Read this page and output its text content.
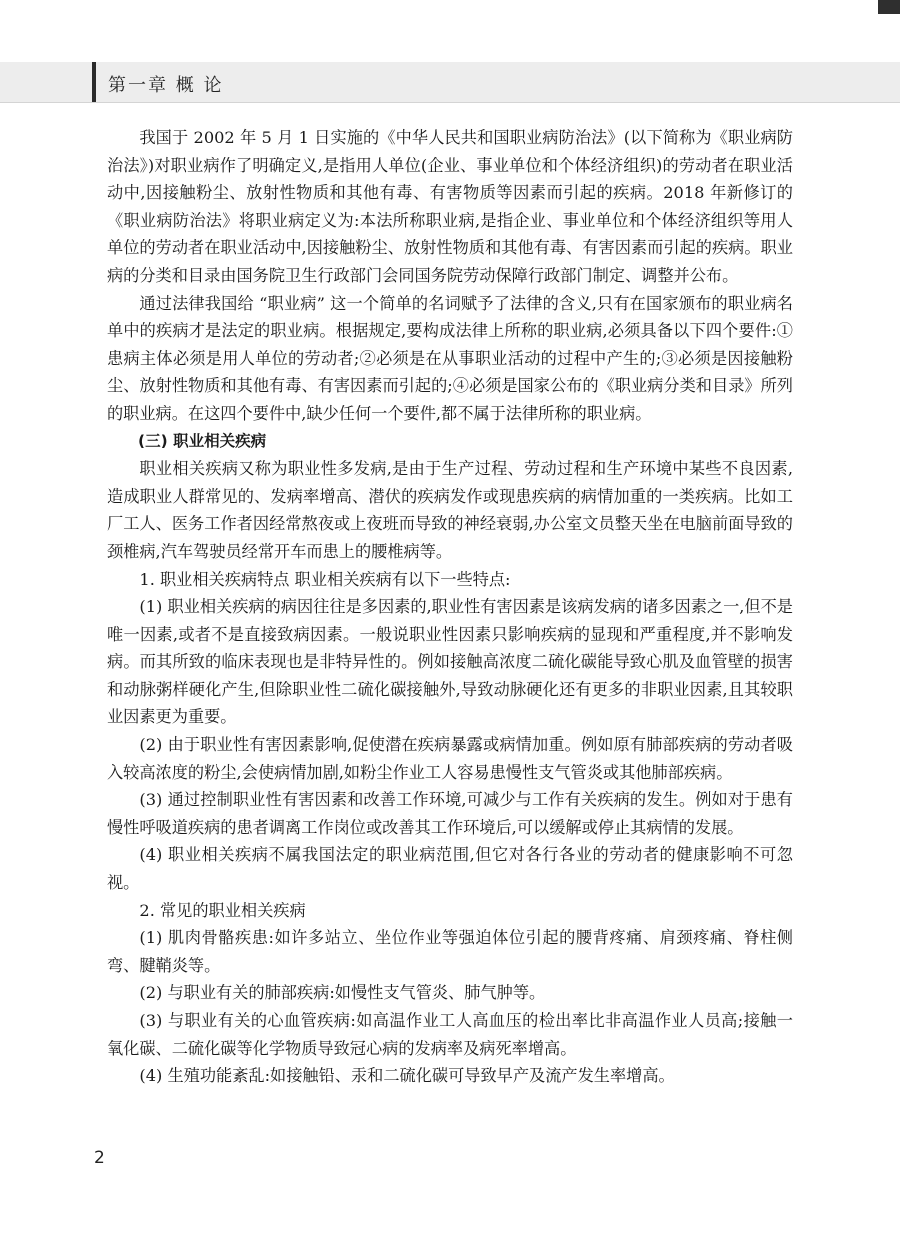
第一章 概 论

我国于 2002 年 5 月 1 日实施的《中华人民共和国职业病防治法》(以下简称为《职业病防治法》)对职业病作了明确定义,是指用人单位(企业、事业单位和个体经济组织)的劳动者在职业活动中,因接触粉尘、放射性物质和其他有毒、有害物质等因素而引起的疾病。2018 年新修订的《职业病防治法》将职业病定义为:本法所称职业病,是指企业、事业单位和个体经济组织等用人单位的劳动者在职业活动中,因接触粉尘、放射性物质和其他有毒、有害因素而引起的疾病。职业病的分类和目录由国务院卫生行政部门会同国务院劳动保障行政部门制定、调整并公布。

通过法律我国给 “职业病” 这一个简单的名词赋予了法律的含义,只有在国家颁布的职业病名单中的疾病才是法定的职业病。根据规定,要构成法律上所称的职业病,必须具备以下四个要件:①患病主体必须是用人单位的劳动者;②必须是在从事职业活动的过程中产生的;③必须是因接触粉尘、放射性物质和其他有毒、有害因素而引起的;④必须是国家公布的《职业病分类和目录》所列的职业病。在这四个要件中,缺少任何一个要件,都不属于法律所称的职业病。

(三) 职业相关疾病

职业相关疾病又称为职业性多发病,是由于生产过程、劳动过程和生产环境中某些不良因素,造成职业人群常见的、发病率增高、潜伏的疾病发作或现患疾病的病情加重的一类疾病。比如工厂工人、医务工作者因经常熬夜或上夜班而导致的神经衰弱,办公室文员整天坐在电脑前面导致的颈椎病,汽车驾驶员经常开车而患上的腰椎病等。

1. 职业相关疾病特点 职业相关疾病有以下一些特点:

(1) 职业相关疾病的病因往往是多因素的,职业性有害因素是该病发病的诸多因素之一,但不是唯一因素,或者不是直接致病因素。一般说职业性因素只影响疾病的显现和严重程度,并不影响发病。而其所致的临床表现也是非特异性的。例如接触高浓度二硫化碳能导致心肌及血管壁的损害和动脉粥样硬化产生,但除职业性二硫化碳接触外,导致动脉硬化还有更多的非职业因素,且其较职业因素更为重要。

(2) 由于职业性有害因素影响,促使潜在疾病暴露或病情加重。例如原有肺部疾病的劳动者吸入较高浓度的粉尘,会使病情加剧,如粉尘作业工人容易患慢性支气管炎或其他肺部疾病。

(3) 通过控制职业性有害因素和改善工作环境,可减少与工作有关疾病的发生。例如对于患有慢性呼吸道疾病的患者调离工作岗位或改善其工作环境后,可以缓解或停止其病情的发展。

(4) 职业相关疾病不属我国法定的职业病范围,但它对各行各业的劳动者的健康影响不可忽视。

2. 常见的职业相关疾病

(1) 肌肉骨骼疾患:如许多站立、坐位作业等强迫体位引起的腰背疼痛、肩颈疼痛、脊柱侧弯、腱鞘炎等。

(2) 与职业有关的肺部疾病:如慢性支气管炎、肺气肿等。

(3) 与职业有关的心血管疾病:如高温作业工人高血压的检出率比非高温作业人员高;接触一氧化碳、二硫化碳等化学物质导致冠心病的发病率及病死率增高。

(4) 生殖功能紊乱:如接触铅、汞和二硫化碳可导致早产及流产发生率增高。

2
